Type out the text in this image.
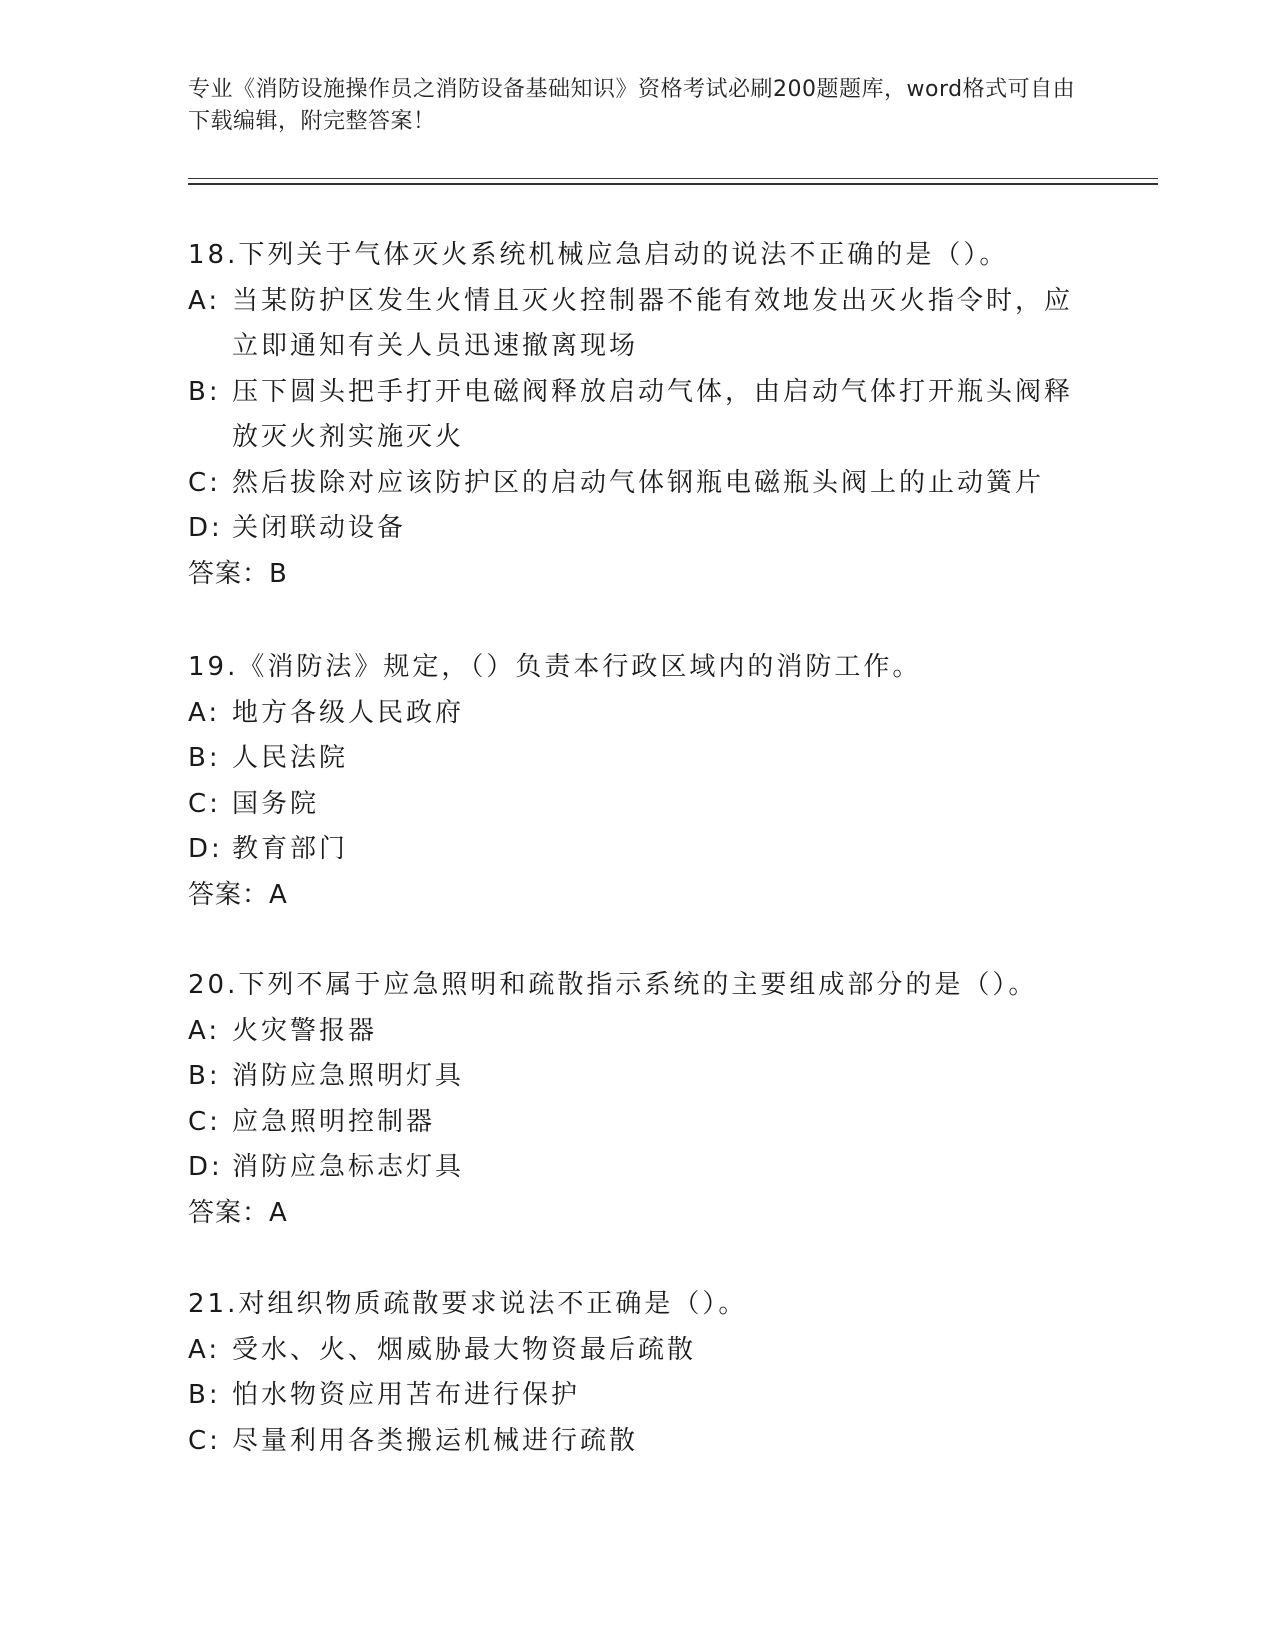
专业《消防设施操作员之消防设备基础知识》资格考试必刷200题题库，word格式可自由下载编辑，附完整答案！
18.下列关于气体灭火系统机械应急启动的说法不正确的是（）。
A: 当某防护区发生火情且灭火控制器不能有效地发出灭火指令时，应立即通知有关人员迅速撤离现场
B: 压下圆头把手打开电磁阀释放启动气体，由启动气体打开瓶头阀释放灭火剂实施灭火
C: 然后拔除对应该防护区的启动气体钢瓶电磁瓶头阀上的止动簧片
D: 关闭联动设备
答案：B
19.《消防法》规定，（）负责本行政区域内的消防工作。
A: 地方各级人民政府
B: 人民法院
C: 国务院
D: 教育部门
答案：A
20.下列不属于应急照明和疏散指示系统的主要组成部分的是（）。
A: 火灾警报器
B: 消防应急照明灯具
C: 应急照明控制器
D: 消防应急标志灯具
答案：A
21.对组织物质疏散要求说法不正确是（）。
A: 受水、火、烟威胁最大物资最后疏散
B: 怕水物资应用苫布进行保护
C: 尽量利用各类搬运机械进行疏散
